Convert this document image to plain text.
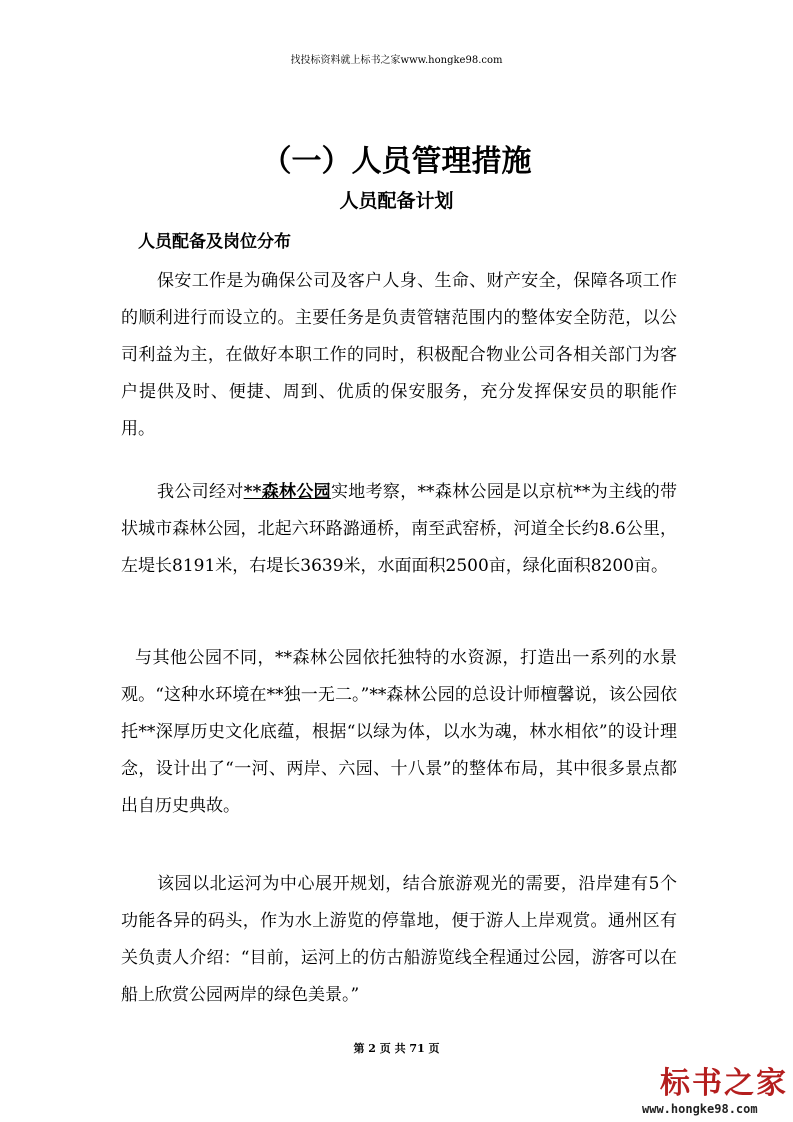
找投标资料就上标书之家www.hongke98.com
（一）人员管理措施
人员配备计划
人员配备及岗位分布

保安工作是为确保公司及客户人身、生命、财产安全，保障各项工作的顺利进行而设立的。主要任务是负责管辖范围内的整体安全防范，以公司利益为主，在做好本职工作的同时，积极配合物业公司各相关部门为客户提供及时、便捷、周到、优质的保安服务，充分发挥保安员的职能作用。

我公司经对**森林公园实地考察，**森林公园是以京杭**为主线的带状城市森林公园，北起六环路潞通桥，南至武窑桥，河道全长约8.6公里，左堤长8191米，右堤长3639米，水面面积2500亩，绿化面积8200亩。

与其他公园不同，**森林公园依托独特的水资源，打造出一系列的水景观。“这种水环境在**独一无二。”**森林公园的总设计师檀馨说，该公园依托**深厚历史文化底蕴，根据“以绿为体，以水为魂，林水相依”的设计理念，设计出了“一河、两岸、六园、十八景”的整体布局，其中很多景点都出自历史典故。

该园以北运河为中心展开规划，结合旅游观光的需要，沿岸建有5个功能各异的码头，作为水上游览的停靠地，便于游人上岸观赏。通州区有关负责人介绍：“目前，运河上的仿古船游览线全程通过公园，游客可以在船上欣赏公园两岸的绿色美景。”

第 2 页 共 71 页
标书之家
www.hongke98.com
